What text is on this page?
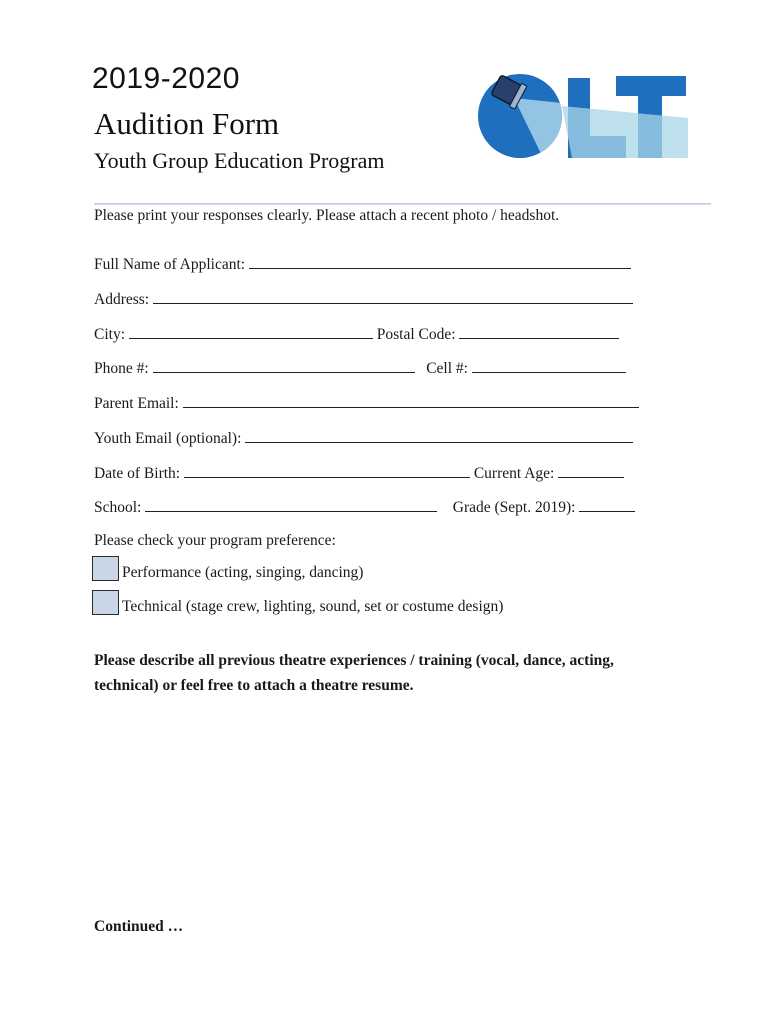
2019-2020
Audition Form
Youth Group Education Program
Please print your responses clearly. Please attach a recent photo / headshot.
Full Name of Applicant:
Address:
City:	Postal Code:
Phone #:	Cell #:
Parent Email:
Youth Email (optional):
Date of Birth:	Current Age:
School:	Grade (Sept. 2019):
Please check your program preference:
Performance (acting, singing, dancing)
Technical (stage crew, lighting, sound, set or costume design)
Please describe all previous theatre experiences / training (vocal, dance, acting, technical) or feel free to attach a theatre resume.
Continued …
